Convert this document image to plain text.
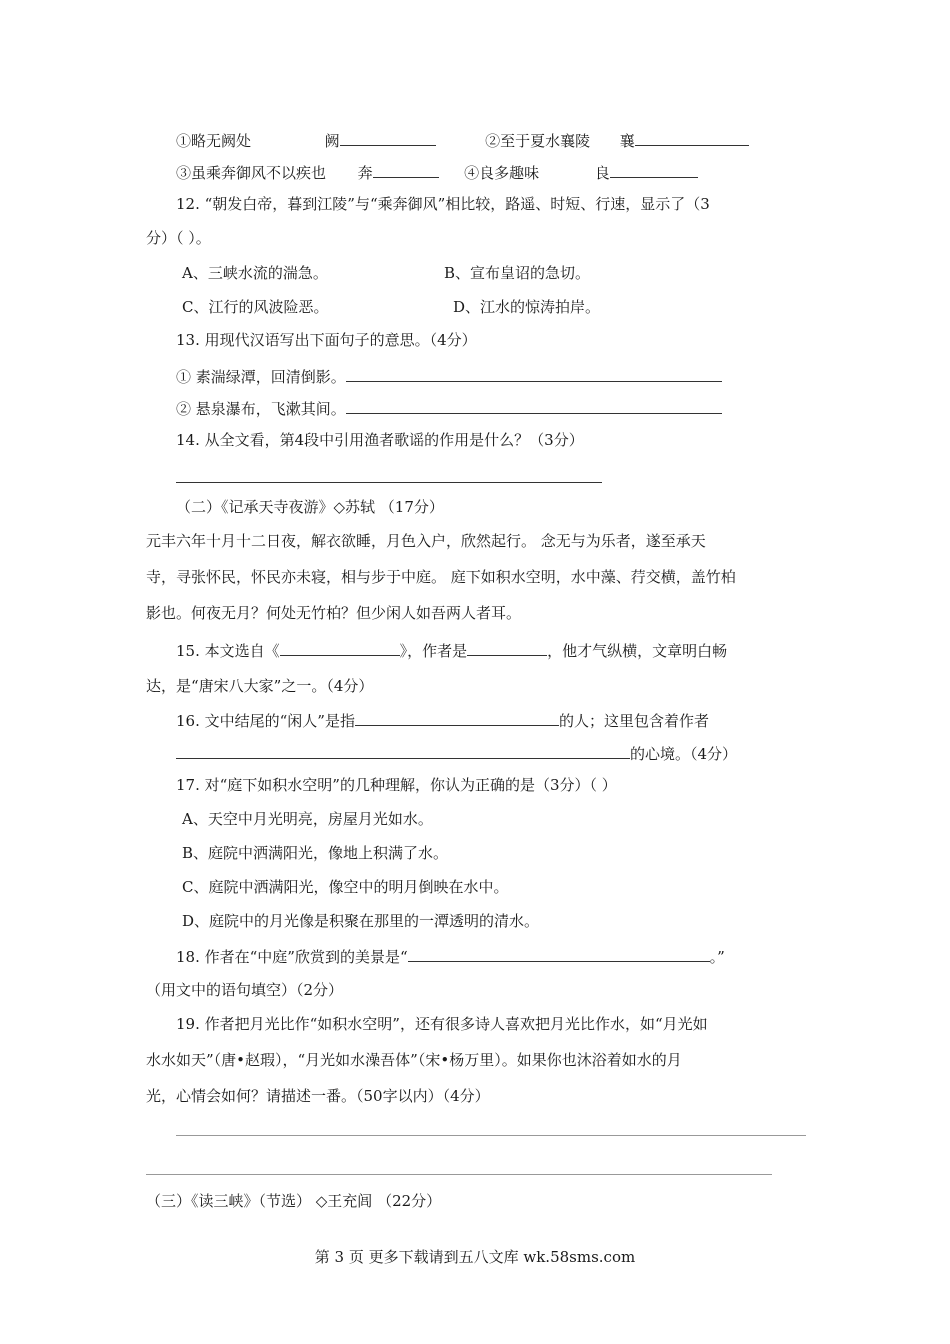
①略无阙处	阙	②至于夏水襄陵 襄
③虽乘奔御风不以疾也 奔	④良多趣味	良
12. “朝发白帝，暮到江陵”与“乘奔御风”相比较，路遥、时短、行速，显示了（3
分）（ ）。
A、三峡水流的湍急。	B、宣布皇诏的急切。
C、江行的风波险恶。	D、江水的惊涛拍岸。
13. 用现代汉语写出下面句子的意思。（4分）
① 素湍绿潭，回清倒影。
② 悬泉瀑布，飞漱其间。
14. 从全文看，第4段中引用渔者歌谣的作用是什么？（3分）
（二）《记承天寺夜游》◇苏轼 （17分）
元丰六年十月十二日夜，解衣欲睡，月色入户，欣然起行。 念无与为乐者，遂至承天
寺，寻张怀民，怀民亦未寝，相与步于中庭。 庭下如积水空明，水中藻、荇交横，盖竹柏
影也。何夜无月？何处无竹柏？但少闲人如吾两人者耳。
15. 本文选自《	》，作者是	，他才气纵横，文章明白畅
达，是“唐宋八大家”之一。（4分）
16. 文中结尾的“闲人”是指	的人；这里包含着作者
的心境。（4分）
17. 对“庭下如积水空明”的几种理解，你认为正确的是（3分）（ ）
A、天空中月光明亮，房屋月光如水。
B、庭院中洒满阳光，像地上积满了水。
C、庭院中洒满阳光，像空中的明月倒映在水中。
D、庭院中的月光像是积聚在那里的一潭透明的清水。
18. 作者在“中庭”欣赏到的美景是“	。”
（用文中的语句填空）（2分）
19. 作者把月光比作“如积水空明”，还有很多诗人喜欢把月光比作水，如“月光如
水水如天”（唐•赵瑕），“月光如水澡吾体”（宋•杨万里）。如果你也沐浴着如水的月
光，心情会如何？请描述一番。（50字以内）（4分）
（三）《读三峡》（节选） ◇王充闾 （22分）
第 3 页 更多下载请到五八文库 wk.58sms.com
